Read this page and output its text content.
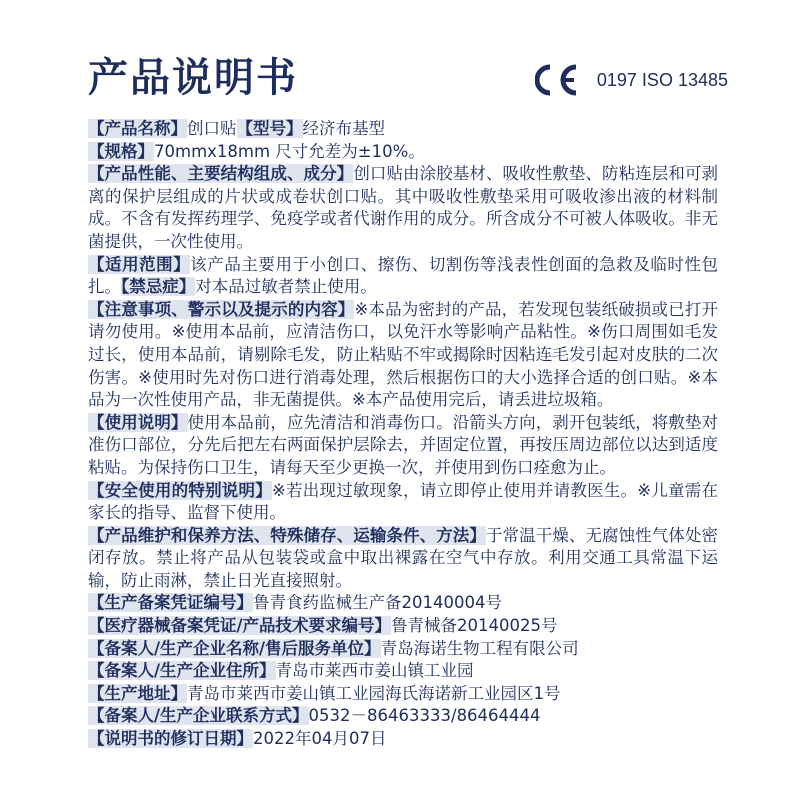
产品说明书	0197 ISO 13485

【产品名称】创口贴【型号】经济布基型

【规格】70mmx18mm 尺寸允差为±10%。

【产品性能、主要结构组成、成分】创口贴由涂胶基材、吸收性敷垫、防粘连层和可剥离的保护层组成的片状或成卷状创口贴。其中吸收性敷垫采用可吸收渗出液的材料制成。不含有发挥药理学、免疫学或者代谢作用的成分。所含成分不可被人体吸收。非无菌提供，一次性使用。

【适用范围】该产品主要用于小创口、擦伤、切割伤等浅表性创面的急救及临时性包扎。【禁忌症】对本品过敏者禁止使用。

【注意事项、警示以及提示的内容】※本品为密封的产品，若发现包装纸破损或已打开请勿使用。※使用本品前，应清洁伤口，以免汗水等影响产品粘性。※伤口周围如毛发过长，使用本品前，请剔除毛发，防止粘贴不牢或揭除时因粘连毛发引起对皮肤的二次伤害。※使用时先对伤口进行消毒处理，然后根据伤口的大小选择合适的创口贴。※本品为一次性使用产品，非无菌提供。※本产品使用完后，请丢进垃圾箱。

【使用说明】使用本品前，应先清洁和消毒伤口。沿箭头方向，剥开包装纸，将敷垫对准伤口部位，分先后把左右两面保护层除去，并固定位置，再按压周边部位以达到适度粘贴。为保持伤口卫生，请每天至少更换一次，并使用到伤口痊愈为止。

【安全使用的特别说明】※若出现过敏现象，请立即停止使用并请教医生。※儿童需在家长的指导、监督下使用。

【产品维护和保养方法、特殊储存、运输条件、方法】于常温干燥、无腐蚀性气体处密闭存放。禁止将产品从包装袋或盒中取出裸露在空气中存放。利用交通工具常温下运输，防止雨淋，禁止日光直接照射。

【生产备案凭证编号】鲁青食药监械生产备20140004号

【医疗器械备案凭证/产品技术要求编号】鲁青械备20140025号

【备案人/生产企业名称/售后服务单位】青岛海诺生物工程有限公司

【备案人/生产企业住所】青岛市莱西市姜山镇工业园

【生产地址】青岛市莱西市姜山镇工业园海氏海诺新工业园区1号

【备案人/生产企业联系方式】0532－86463333/86464444

【说明书的修订日期】2022年04月07日
